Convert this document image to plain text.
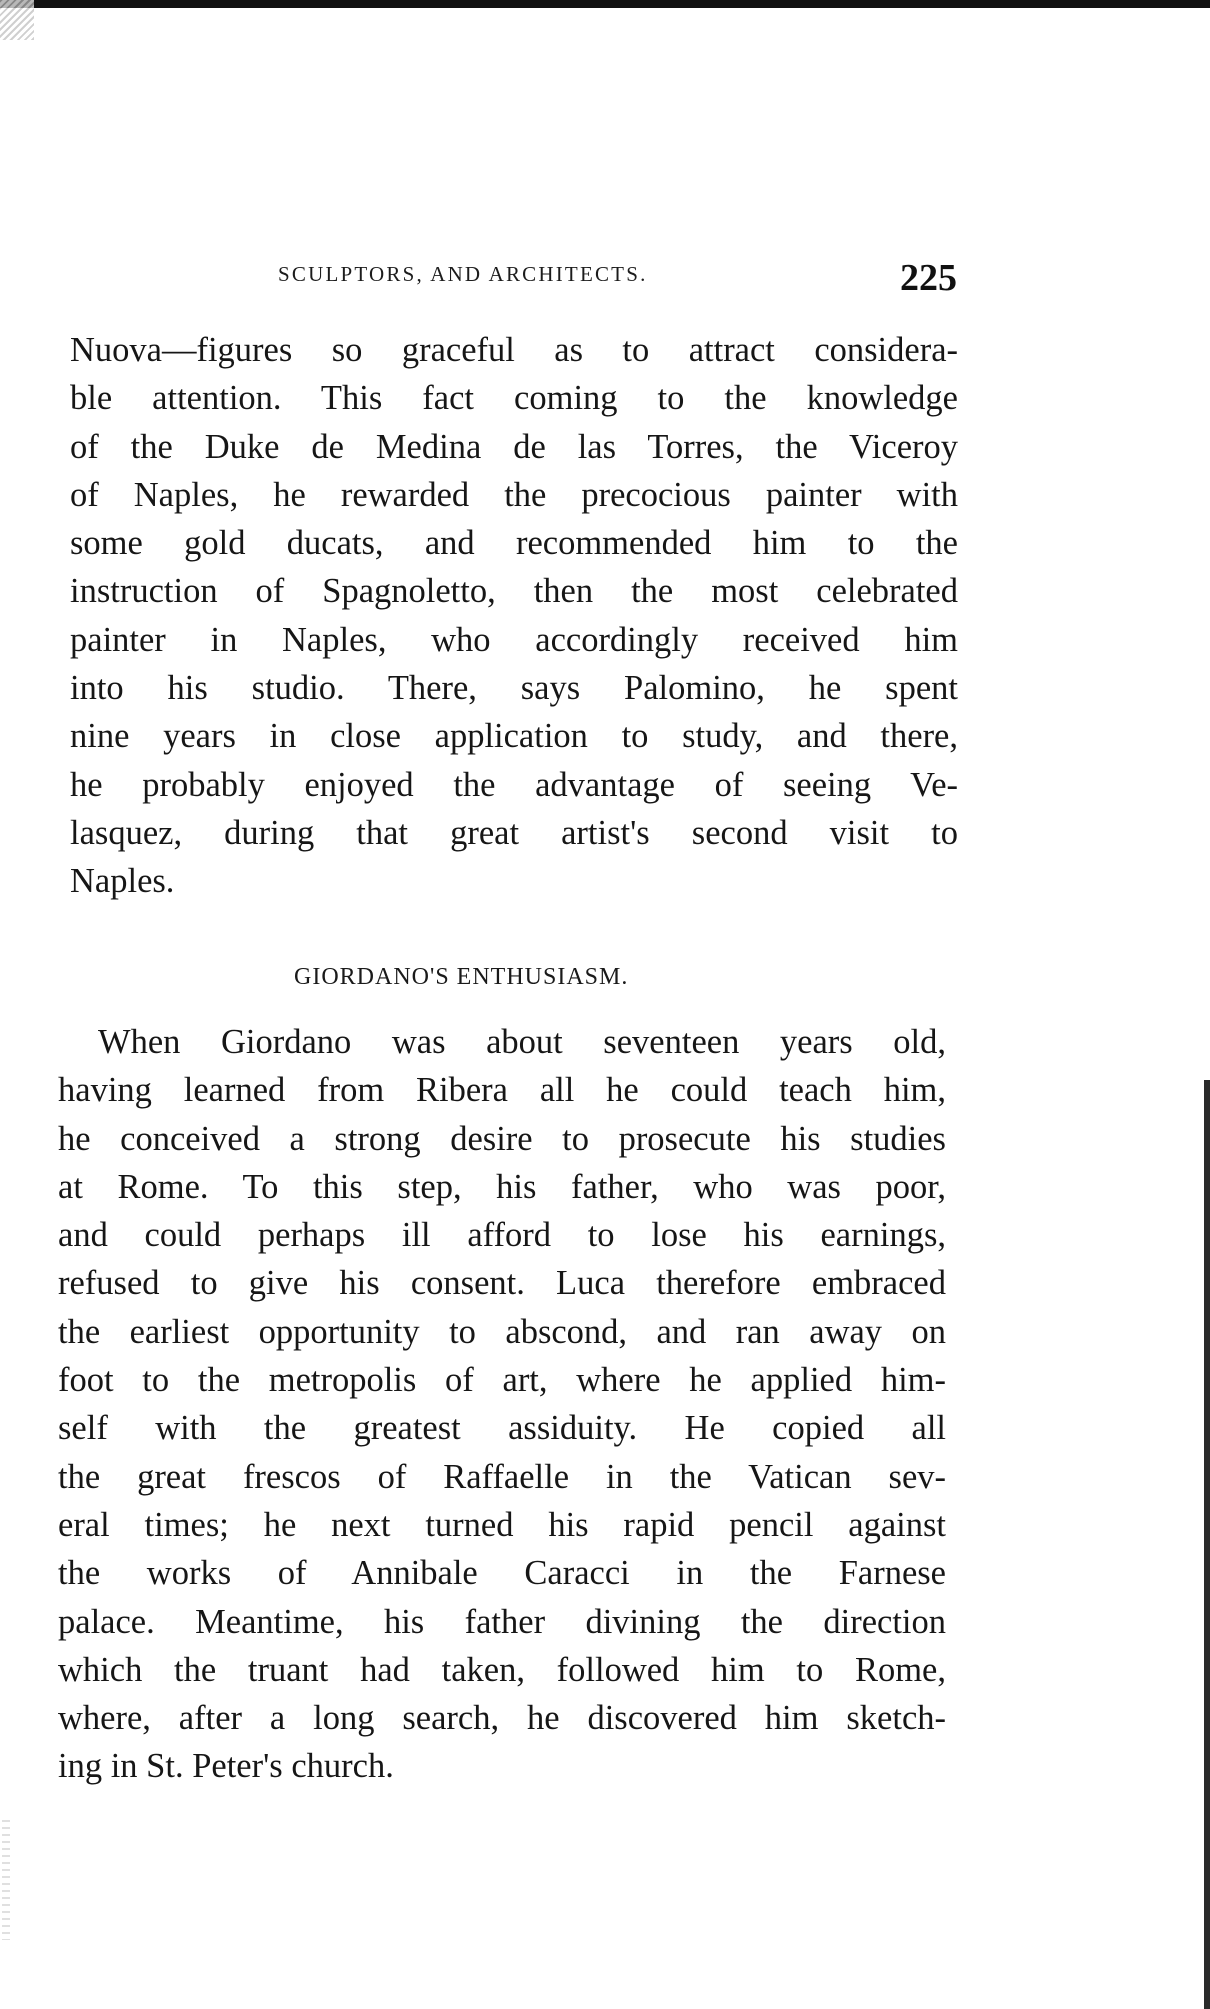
SCULPTORS, AND ARCHITECTS.	225
Nuova—figures so graceful as to attract considera-
ble attention. This fact coming to the knowledge
of the Duke de Medina de las Torres, the Viceroy
of Naples, he rewarded the precocious painter with
some gold ducats, and recommended him to the
instruction of Spagnoletto, then the most celebrated
painter in Naples, who accordingly received him
into his studio. There, says Palomino, he spent
nine years in close application to study, and there,
he probably enjoyed the advantage of seeing Ve-
lasquez, during that great artist's second visit to
Naples.
GIORDANO'S ENTHUSIASM.
When Giordano was about seventeen years old,
having learned from Ribera all he could teach him,
he conceived a strong desire to prosecute his studies
at Rome. To this step, his father, who was poor,
and could perhaps ill afford to lose his earnings,
refused to give his consent. Luca therefore embraced
the earliest opportunity to abscond, and ran away on
foot to the metropolis of art, where he applied him-
self with the greatest assiduity. He copied all
the great frescos of Raffaelle in the Vatican sev-
eral times; he next turned his rapid pencil against
the works of Annibale Caracci in the Farnese
palace. Meantime, his father divining the direction
which the truant had taken, followed him to Rome,
where, after a long search, he discovered him sketch-
ing in St. Peter's church.
